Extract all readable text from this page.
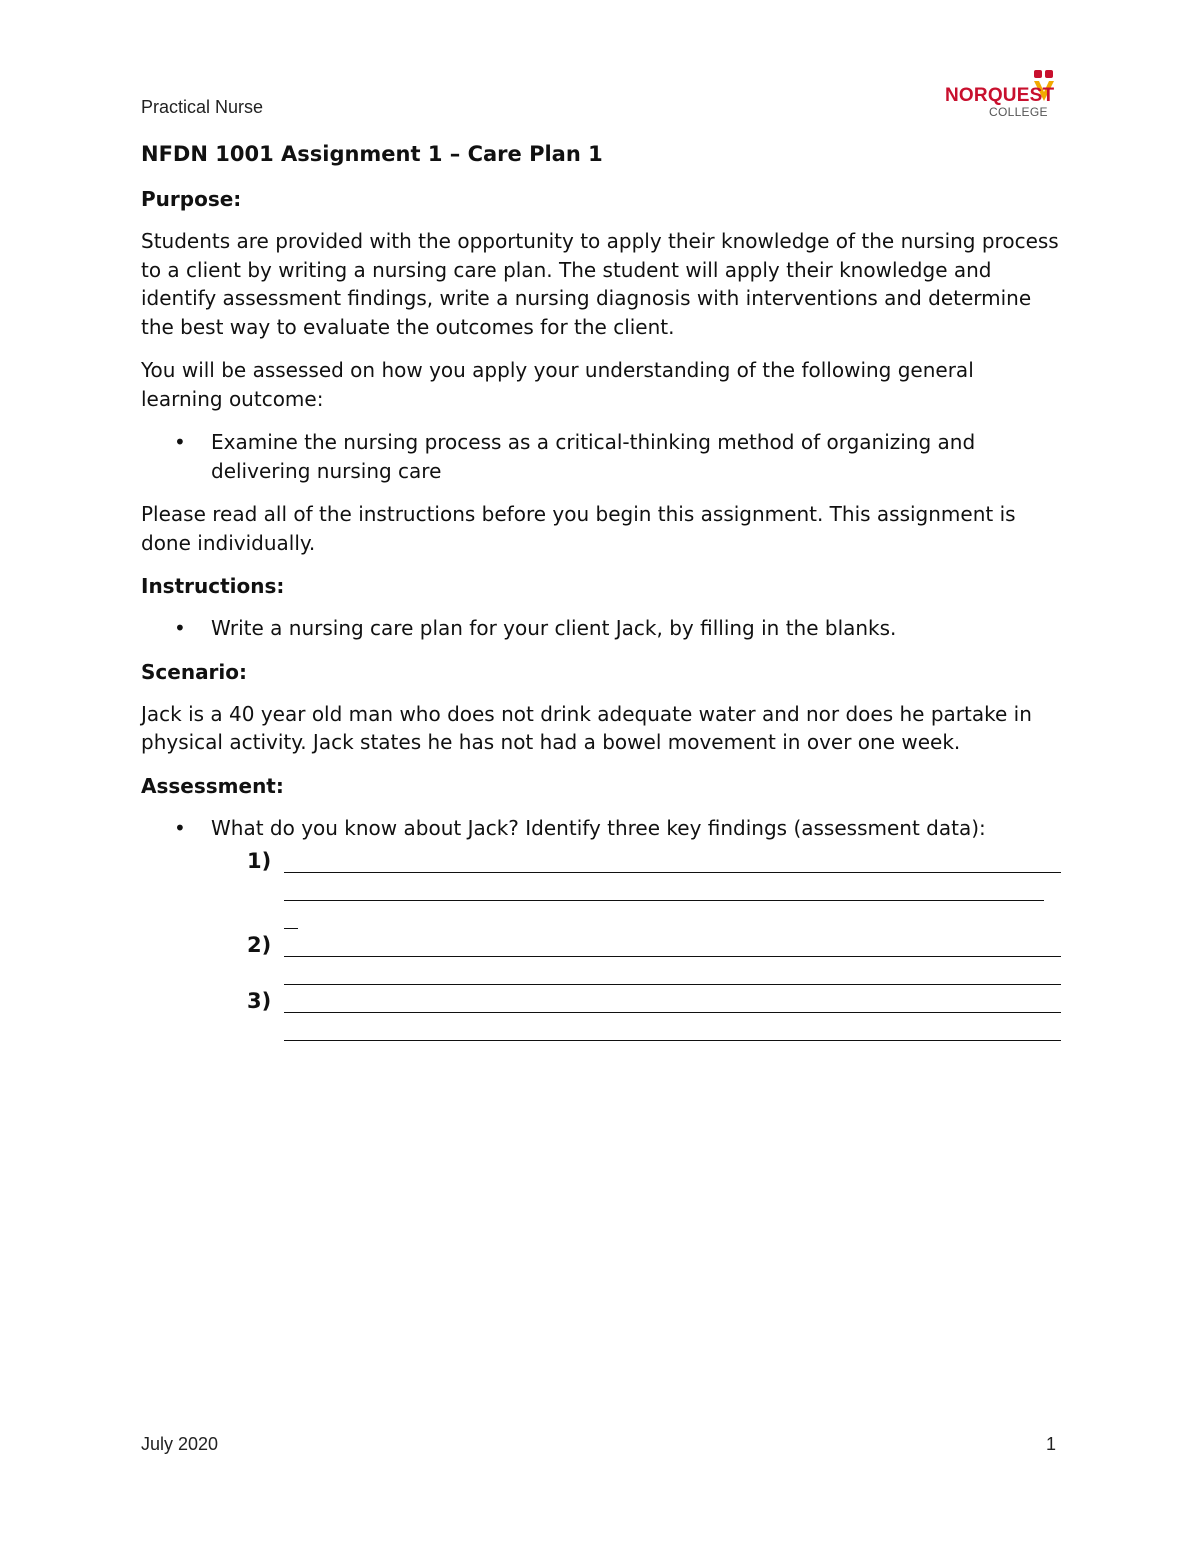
Practical Nurse
NORQUEST
COLLEGE
NFDN 1001 Assignment 1 – Care Plan 1
Purpose:

Students are provided with the opportunity to apply their knowledge of the nursing process to a client by writing a nursing care plan. The student will apply their knowledge and identify assessment findings, write a nursing diagnosis with interventions and determine the best way to evaluate the outcomes for the client.

You will be assessed on how you apply your understanding of the following general learning outcome:

• Examine the nursing process as a critical-thinking method of organizing and delivering nursing care

Please read all of the instructions before you begin this assignment. This assignment is done individually.

Instructions:
• Write a nursing care plan for your client Jack, by filling in the blanks.
Scenario:

Jack is a 40 year old man who does not drink adequate water and nor does he partake in physical activity. Jack states he has not had a bowel movement in over one week.

Assessment:
• What do you know about Jack? Identify three key findings (assessment data):
1)
2)
3)
July 2020	1
